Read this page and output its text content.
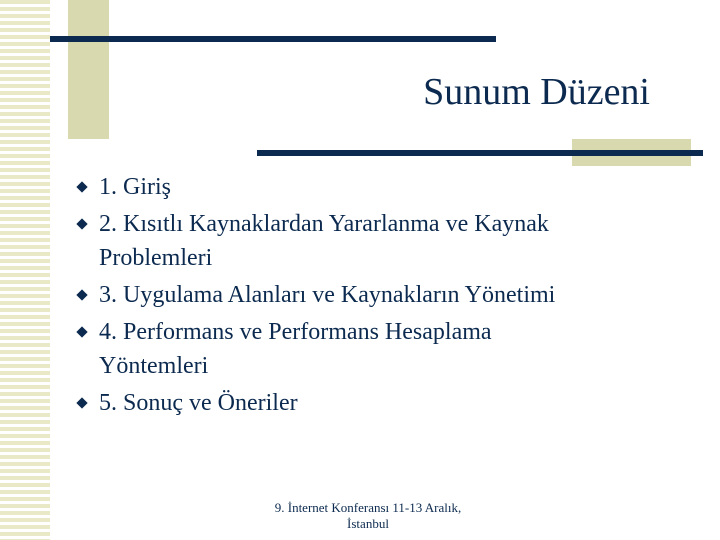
Sunum Düzeni
1. Giriş
2. Kısıtlı Kaynaklardan Yararlanma ve Kaynak
Problemleri
3. Uygulama Alanları ve Kaynakların Yönetimi
4. Performans ve Performans Hesaplama
Yöntemleri
5. Sonuç ve Öneriler
9. İnternet Konferansı 11-13 Aralık,
İstanbul
